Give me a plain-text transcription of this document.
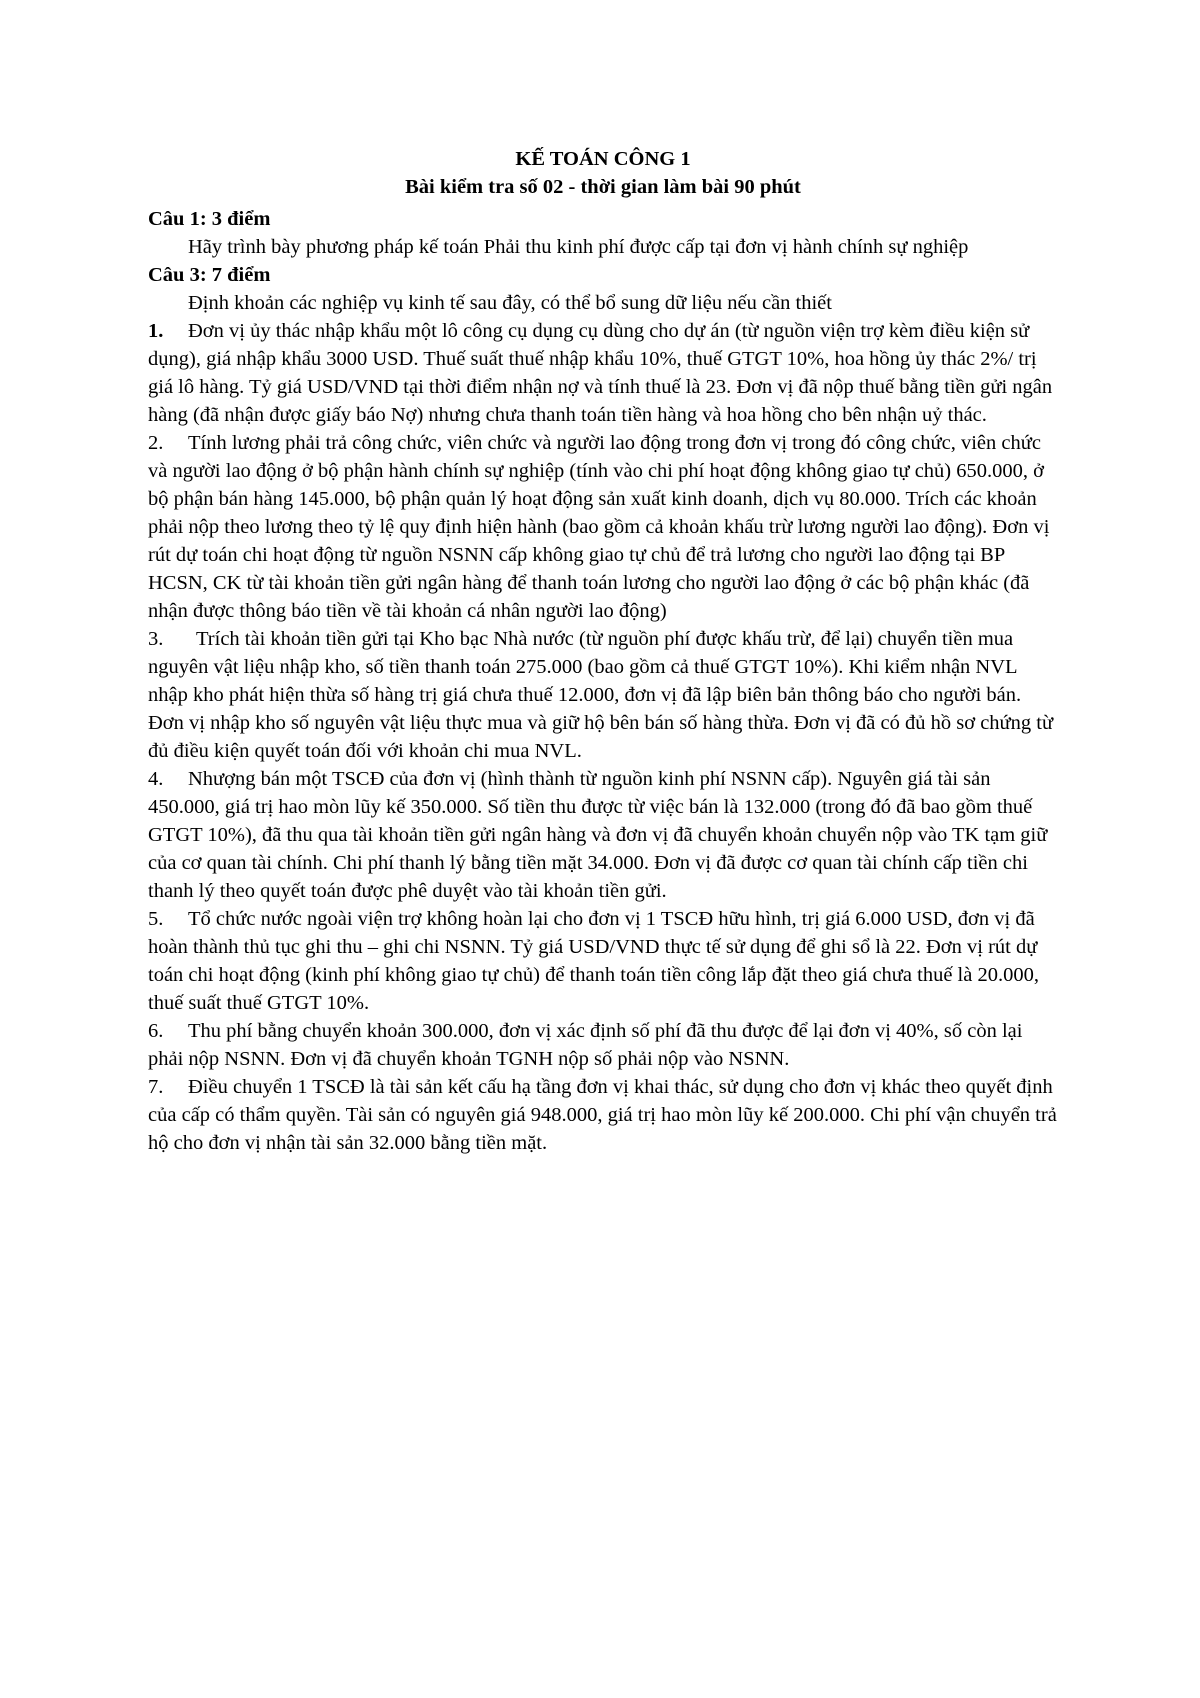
KẾ TOÁN CÔNG 1

Bài kiểm tra số 02 - thời gian làm bài 90 phút

Câu 1: 3 điểm

Hãy trình bày phương pháp kế toán Phải thu kinh phí được cấp tại đơn vị hành chính sự nghiệp

Câu 3: 7 điểm

Định khoản các nghiệp vụ kinh tế sau đây, có thể bổ sung dữ liệu nếu cần thiết

1. Đơn vị ủy thác nhập khẩu một lô công cụ dụng cụ dùng cho dự án (từ nguồn viện trợ kèm điều kiện sử dụng), giá nhập khẩu 3000 USD. Thuế suất thuế nhập khẩu 10%, thuế GTGT 10%, hoa hồng ủy thác 2%/ trị giá lô hàng. Tỷ giá USD/VND tại thời điểm nhận nợ và tính thuế là 23. Đơn vị đã nộp thuế bằng tiền gửi ngân hàng (đã nhận được giấy báo Nợ) nhưng chưa thanh toán tiền hàng và hoa hồng cho bên nhận uỷ thác.

2. Tính lương phải trả công chức, viên chức và người lao động trong đơn vị trong đó công chức, viên chức và người lao động ở bộ phận hành chính sự nghiệp (tính vào chi phí hoạt động không giao tự chủ) 650.000, ở bộ phận bán hàng 145.000, bộ phận quản lý hoạt động sản xuất kinh doanh, dịch vụ 80.000. Trích các khoản phải nộp theo lương theo tỷ lệ quy định hiện hành (bao gồm cả khoản khấu trừ lương người lao động). Đơn vị rút dự toán chi hoạt động từ nguồn NSNN cấp không giao tự chủ để trả lương cho người lao động tại BP HCSN, CK từ tài khoản tiền gửi ngân hàng để thanh toán lương cho người lao động ở các bộ phận khác (đã nhận được thông báo tiền về tài khoản cá nhân người lao động)

3. Trích tài khoản tiền gửi tại Kho bạc Nhà nước (từ nguồn phí được khấu trừ, để lại) chuyển tiền mua nguyên vật liệu nhập kho, số tiền thanh toán 275.000 (bao gồm cả thuế GTGT 10%). Khi kiểm nhận NVL nhập kho phát hiện thừa số hàng trị giá chưa thuế 12.000, đơn vị đã lập biên bản thông báo cho người bán. Đơn vị nhập kho số nguyên vật liệu thực mua và giữ hộ bên bán số hàng thừa. Đơn vị đã có đủ hồ sơ chứng từ đủ điều kiện quyết toán đối với khoản chi mua NVL.

4. Nhượng bán một TSCĐ của đơn vị (hình thành từ nguồn kinh phí NSNN cấp). Nguyên giá tài sản 450.000, giá trị hao mòn lũy kế 350.000. Số tiền thu được từ việc bán là 132.000 (trong đó đã bao gồm thuế GTGT 10%), đã thu qua tài khoản tiền gửi ngân hàng và đơn vị đã chuyển khoản chuyển nộp vào TK tạm giữ của cơ quan tài chính. Chi phí thanh lý bằng tiền mặt 34.000. Đơn vị đã được cơ quan tài chính cấp tiền chi thanh lý theo quyết toán được phê duyệt vào tài khoản tiền gửi.

5. Tổ chức nước ngoài viện trợ không hoàn lại cho đơn vị 1 TSCĐ hữu hình, trị giá 6.000 USD, đơn vị đã hoàn thành thủ tục ghi thu – ghi chi NSNN. Tỷ giá USD/VND thực tế sử dụng để ghi sổ là 22. Đơn vị rút dự toán chi hoạt động (kinh phí không giao tự chủ) để thanh toán tiền công lắp đặt theo giá chưa thuế là 20.000, thuế suất thuế GTGT 10%.

6. Thu phí bằng chuyển khoản 300.000, đơn vị xác định số phí đã thu được để lại đơn vị 40%, số còn lại phải nộp NSNN. Đơn vị đã chuyển khoản TGNH nộp số phải nộp vào NSNN.

7. Điều chuyển 1 TSCĐ là tài sản kết cấu hạ tầng đơn vị khai thác, sử dụng cho đơn vị khác theo quyết định của cấp có thẩm quyền. Tài sản có nguyên giá 948.000, giá trị hao mòn lũy kế 200.000. Chi phí vận chuyển trả hộ cho đơn vị nhận tài sản 32.000 bằng tiền mặt.
